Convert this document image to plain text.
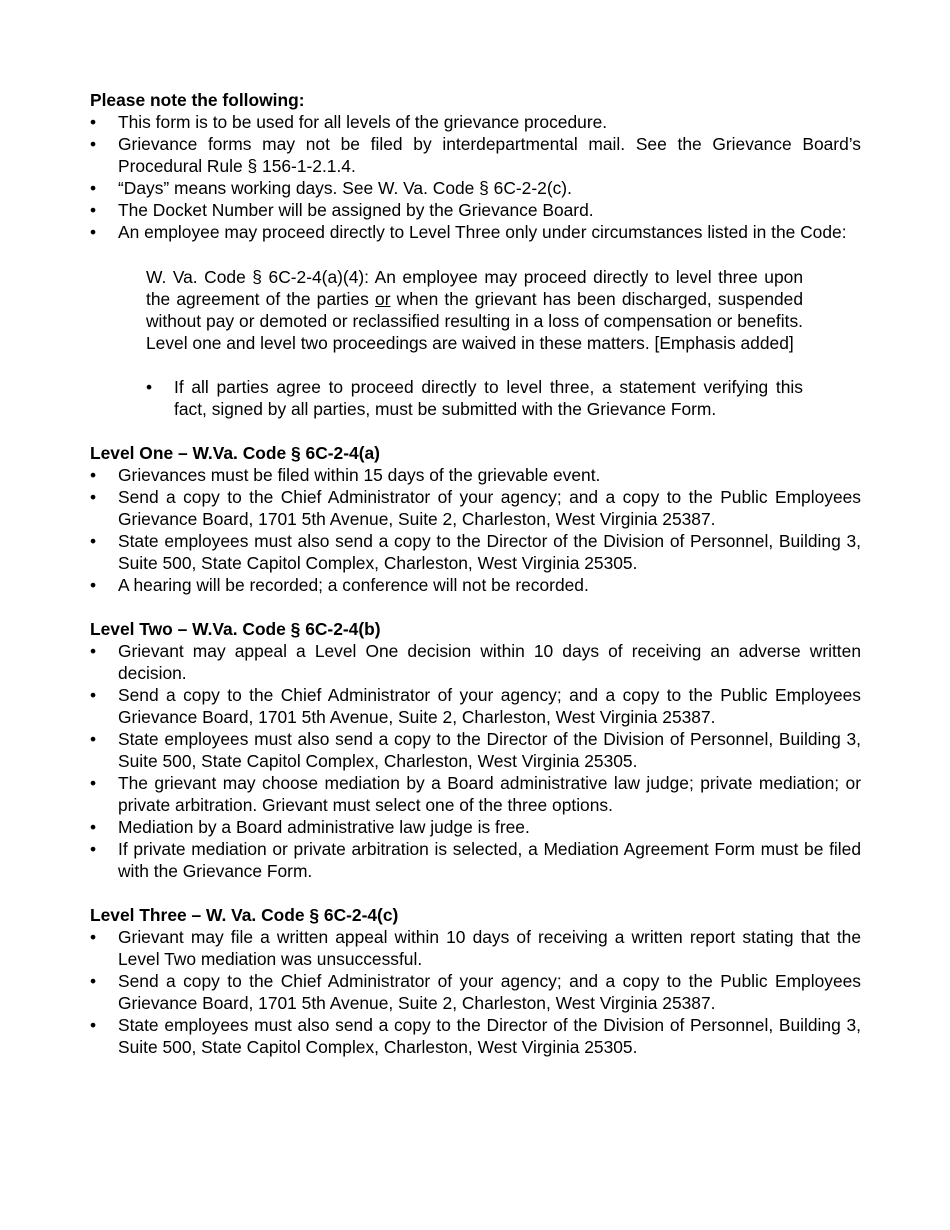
Please note the following:

• This form is to be used for all levels of the grievance procedure.
• Grievance forms may not be filed by interdepartmental mail. See the Grievance Board’s Procedural Rule § 156-1-2.1.4.
• “Days” means working days. See W. Va. Code § 6C-2-2(c).
• The Docket Number will be assigned by the Grievance Board.
• An employee may proceed directly to Level Three only under circumstances listed in the Code:

W. Va. Code § 6C-2-4(a)(4): An employee may proceed directly to level three upon the agreement of the parties or when the grievant has been discharged, suspended without pay or demoted or reclassified resulting in a loss of compensation or benefits. Level one and level two proceedings are waived in these matters. [Emphasis added]

• If all parties agree to proceed directly to level three, a statement verifying this fact, signed by all parties, must be submitted with the Grievance Form.

Level One – W.Va. Code § 6C-2-4(a)

• Grievances must be filed within 15 days of the grievable event.
• Send a copy to the Chief Administrator of your agency; and a copy to the Public Employees Grievance Board, 1701 5th Avenue, Suite 2, Charleston, West Virginia 25387.
• State employees must also send a copy to the Director of the Division of Personnel, Building 3, Suite 500, State Capitol Complex, Charleston, West Virginia 25305.
• A hearing will be recorded; a conference will not be recorded.

Level Two – W.Va. Code § 6C-2-4(b)

• Grievant may appeal a Level One decision within 10 days of receiving an adverse written decision.
• Send a copy to the Chief Administrator of your agency; and a copy to the Public Employees Grievance Board, 1701 5th Avenue, Suite 2, Charleston, West Virginia 25387.
• State employees must also send a copy to the Director of the Division of Personnel, Building 3, Suite 500, State Capitol Complex, Charleston, West Virginia 25305.
• The grievant may choose mediation by a Board administrative law judge; private mediation; or private arbitration. Grievant must select one of the three options.
• Mediation by a Board administrative law judge is free.
• If private mediation or private arbitration is selected, a Mediation Agreement Form must be filed with the Grievance Form.

Level Three – W. Va. Code § 6C-2-4(c)

• Grievant may file a written appeal within 10 days of receiving a written report stating that the Level Two mediation was unsuccessful.
• Send a copy to the Chief Administrator of your agency; and a copy to the Public Employees Grievance Board, 1701 5th Avenue, Suite 2, Charleston, West Virginia 25387.
• State employees must also send a copy to the Director of the Division of Personnel, Building 3, Suite 500, State Capitol Complex, Charleston, West Virginia 25305.
